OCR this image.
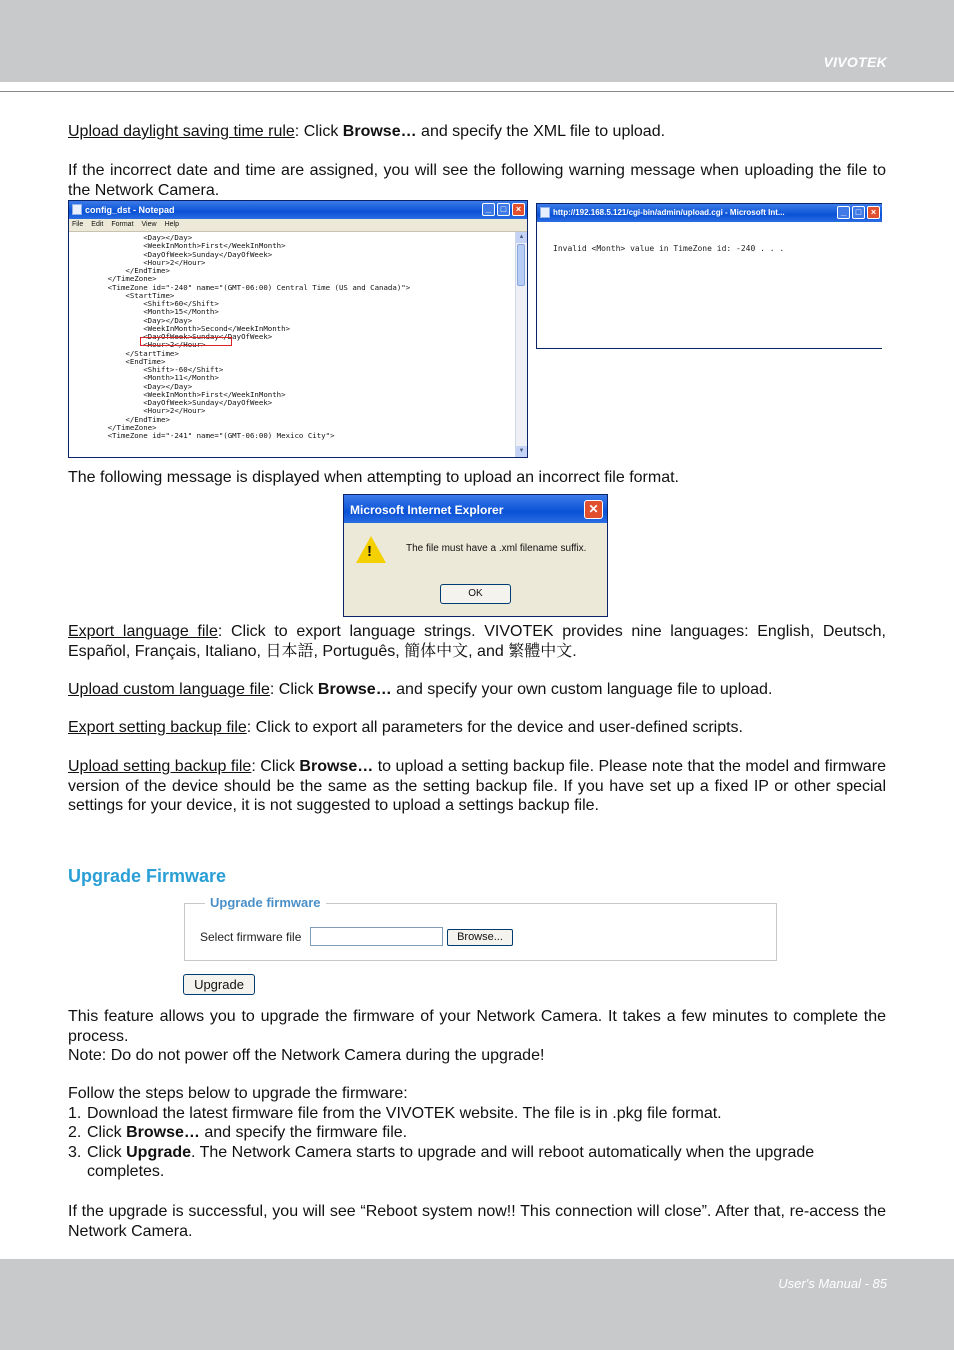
VIVOTEK

Upload daylight saving time rule: Click Browse… and specify the XML file to upload.

If the incorrect date and time are assigned, you will see the following warning message when uploading the file to the Network Camera.

config_dst - Notepad	_	□	×
File Edit Format View Help
<Day></Day>
<WeekInMonth>First</WeekInMonth>
<DayOfWeek>Sunday</DayOfWeek>
<Hour>2</Hour>
</EndTime>
</TimeZone>
<TimeZone id="-240" name="(GMT-06:00) Central Time (US and Canada)">
<StartTime>
<Shift>60</Shift>
<Month>15</Month>
<Day></Day>
<WeekInMonth>Second</WeekInMonth>
<DayOfWeek>Sunday</DayOfWeek>
<Hour>2</Hour>
</StartTime>
<EndTime>
<Shift>-60</Shift>
<Month>11</Month>
<Day></Day>
<WeekInMonth>First</WeekInMonth>
<DayOfWeek>Sunday</DayOfWeek>
<Hour>2</Hour>
</EndTime>
</TimeZone>
<TimeZone id="-241" name="(GMT-06:00) Mexico City">
▲
▼
http://192.168.5.121/cgi-bin/admin/upload.cgi - Microsoft Int...	_	□	×
Invalid <Month> value in TimeZone id: -240 . . .

The following message is displayed when attempting to upload an incorrect file format.

Microsoft Internet Explorer	✕
!	The file must have a .xml filename suffix.
OK

Export language file: Click to export language strings. VIVOTEK provides nine languages: English, Deutsch, Español, Français, Italiano, 日本語, Português, 簡体中文, and 繁體中文.

Upload custom language file: Click Browse… and specify your own custom language file to upload.

Export setting backup file: Click to export all parameters for the device and user-defined scripts.

Upload setting backup file: Click Browse… to upload a setting backup file. Please note that the model and firmware version of the device should be the same as the setting backup file. If you have set up a fixed IP or other special settings for your device, it is not suggested to upload a settings backup file.

Upgrade Firmware
Upgrade firmware
Select firmware file	Browse...
Upgrade

This feature allows you to upgrade the firmware of your Network Camera. It takes a few minutes to complete the process.
Note: Do do not power off the Network Camera during the upgrade!

Follow the steps below to upgrade the firmware:
1. Download the latest firmware file from the VIVOTEK website. The file is in .pkg file format.
2. Click Browse… and specify the firmware file.
3. Click Upgrade. The Network Camera starts to upgrade and will reboot automatically when the upgrade completes.

If the upgrade is successful, you will see “Reboot system now!! This connection will close”. After that, re-access the Network Camera.

User's Manual - 85
